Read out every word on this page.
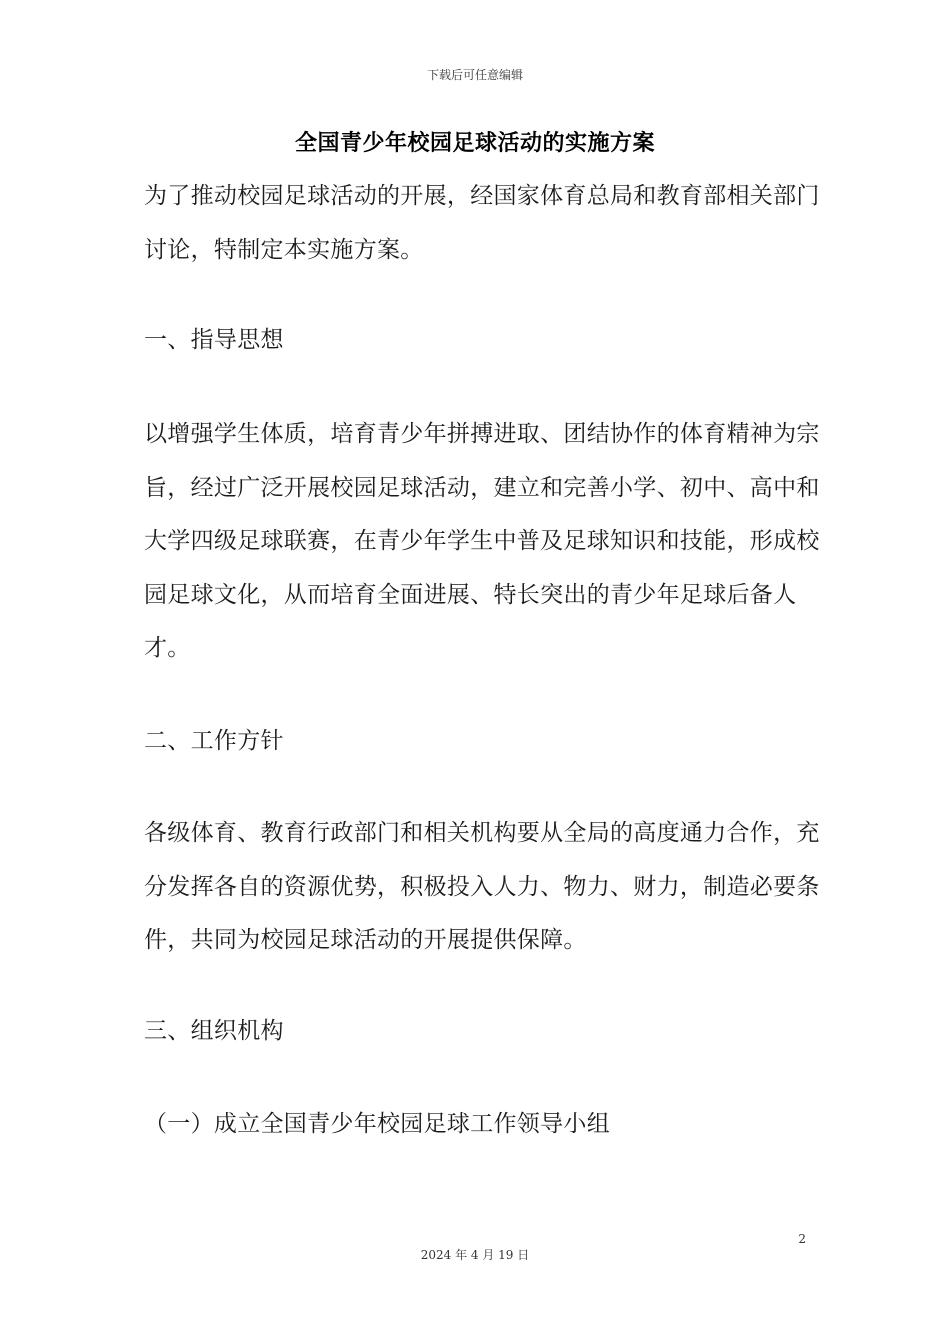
下载后可任意编辑
全国青少年校园足球活动的实施方案

为了推动校园足球活动的开展，经国家体育总局和教育部相关部门讨论，特制定本实施方案。

一、指导思想

以增强学生体质，培育青少年拼搏进取、团结协作的体育精神为宗旨，经过广泛开展校园足球活动，建立和完善小学、初中、高中和大学四级足球联赛，在青少年学生中普及足球知识和技能，形成校园足球文化，从而培育全面进展、特长突出的青少年足球后备人才。

二、工作方针

各级体育、教育行政部门和相关机构要从全局的高度通力合作，充分发挥各自的资源优势，积极投入人力、物力、财力，制造必要条件，共同为校园足球活动的开展提供保障。

三、组织机构

（一）成立全国青少年校园足球工作领导小组

2
2024 年 4 月 19 日
